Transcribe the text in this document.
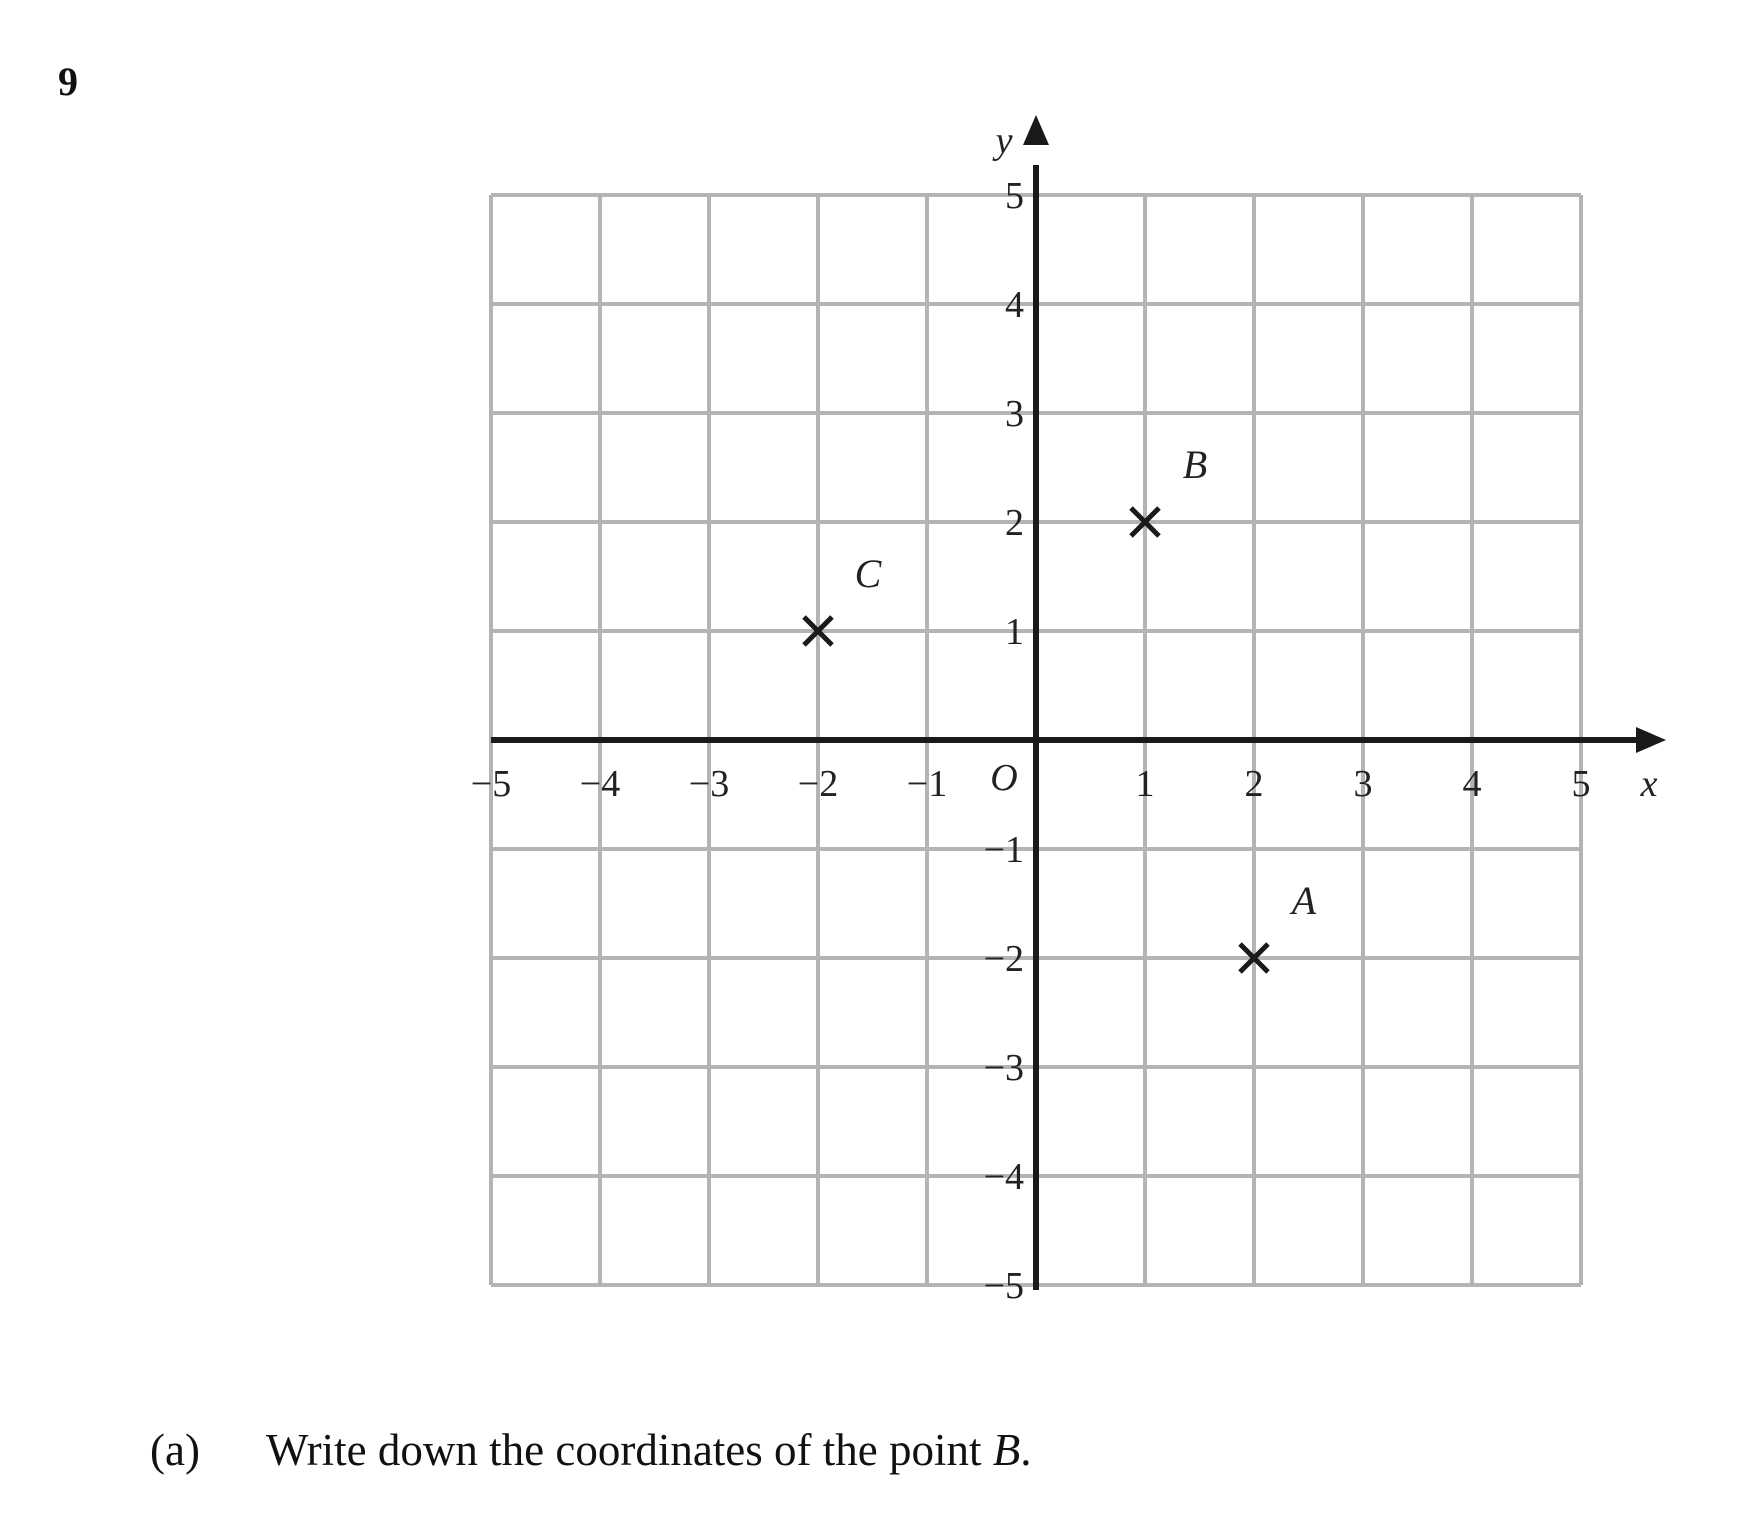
9
−5 −4 −3 −2 −1	1 2 3 4 5
5
4
3
2
1
−1
−2
−3
−4
−5
O	x
y
A
B
C
(a) Write down the coordinates of the point B.
